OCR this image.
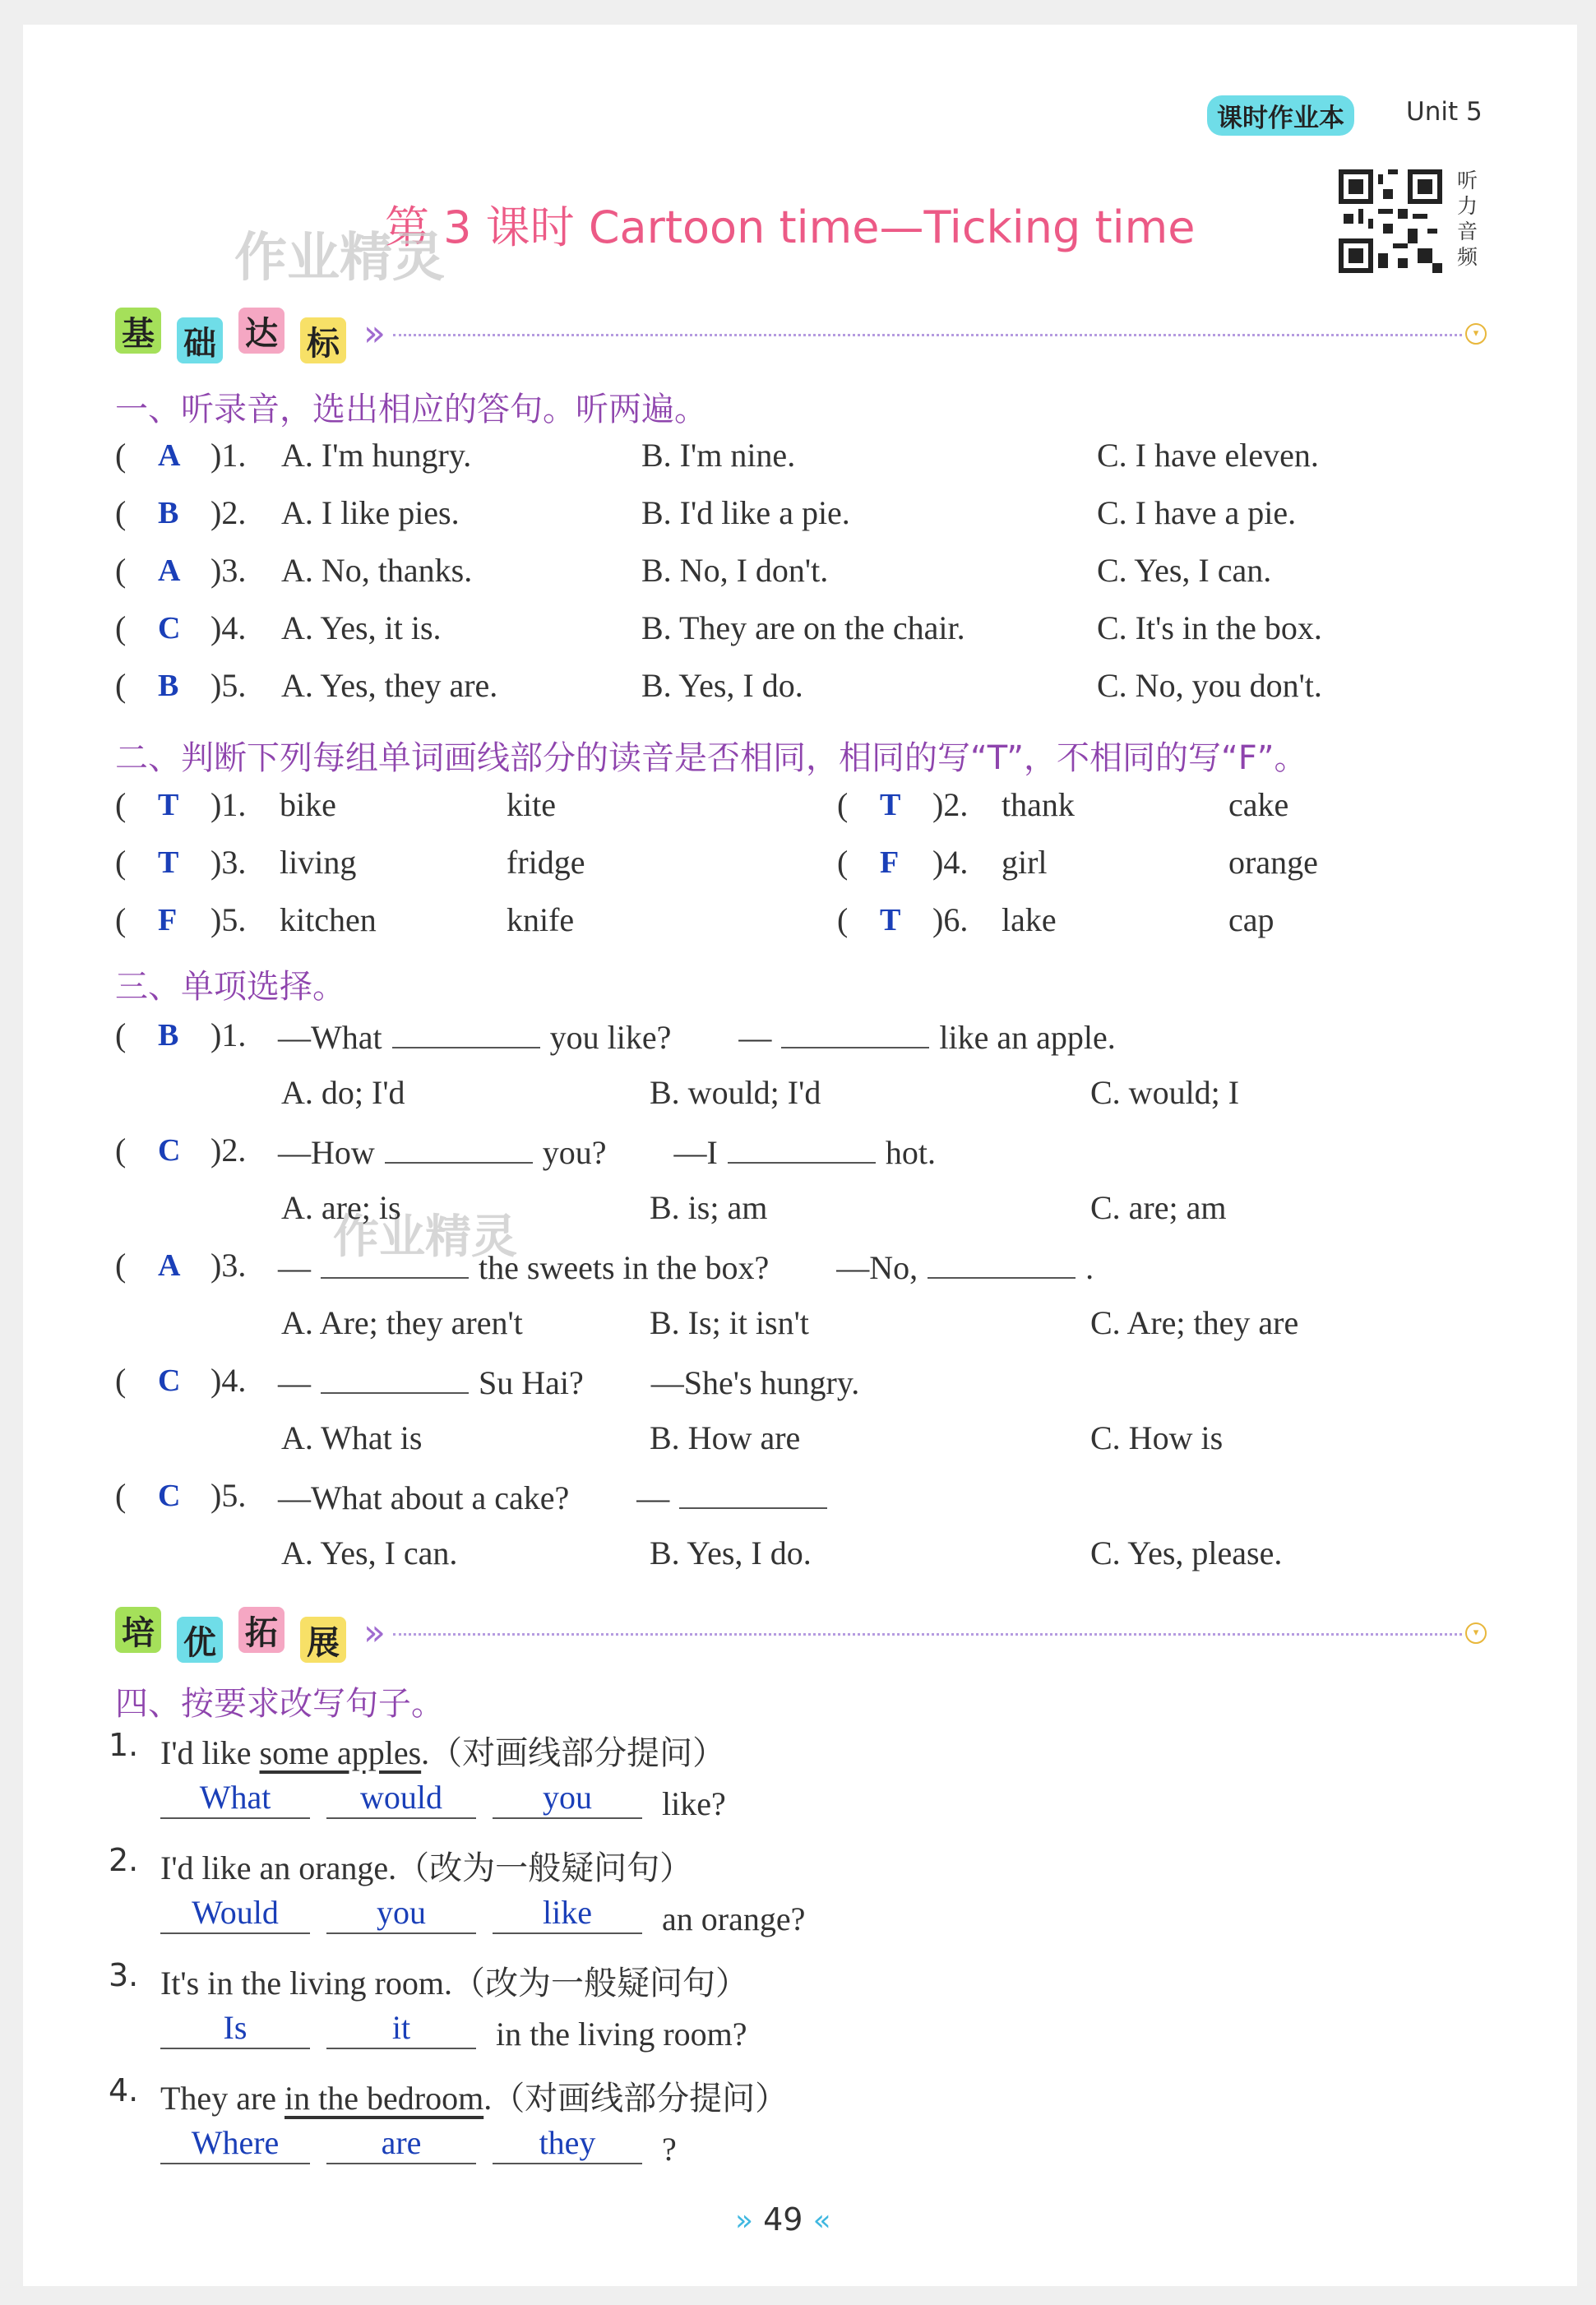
课时作业本	Unit 5
听力音频
第 3 课时 Cartoon time—Ticking time
作业精灵
作业精灵
基 础 达 标 »	▾
一、听录音，选出相应的答句。听两遍。
二、判断下列每组单词画线部分的读音是否相同，相同的写“T”，不相同的写“F”。
三、单项选择。
培 优 拓 展 »	▾
四、按要求改写句子。
» 49 «
( A )1. A. I'm hungry.	B. I'm nine.	C. I have eleven.
( B )2. A. I like pies.	B. I'd like a pie.	C. I have a pie.
( A )3. A. No, thanks.	B. No, I don't.	C. Yes, I can.
( C )4. A. Yes, it is.	B. They are on the chair.	C. It's in the box.
( B )5. A. Yes, they are.	B. Yes, I do.	C. No, you don't.
( T )1. bike	kite	( T )2. thank	cake
( T )3. living	fridge	( F )4. girl	orange
( F )5. kitchen	knife	( T )6. lake	cap
( B )1. —What	you like? —	like an apple.
A. do; I'd	B. would; I'd	C. would; I
( C )2. —How	you? —I	hot.
A. are; is	B. is; am	C. are; am
( A )3. —	the sweets in the box? —No,	.
A. Are; they aren't	B. Is; it isn't	C. Are; they are
( C )4. —	Su Hai? —She's hungry.
A. What is	B. How are	C. How is
( C )5. —What about a cake? —
A. Yes, I can.	B. Yes, I do.	C. Yes, please.
1. I'd like some apples.（对画线部分提问）
What	would	you	like?
2. I'd like an orange.（改为一般疑问句）
Would	you	like	an orange?
3. It's in the living room.（改为一般疑问句）
Is	it	in the living room?
4. They are in the bedroom.（对画线部分提问）
Where	are	they	?
